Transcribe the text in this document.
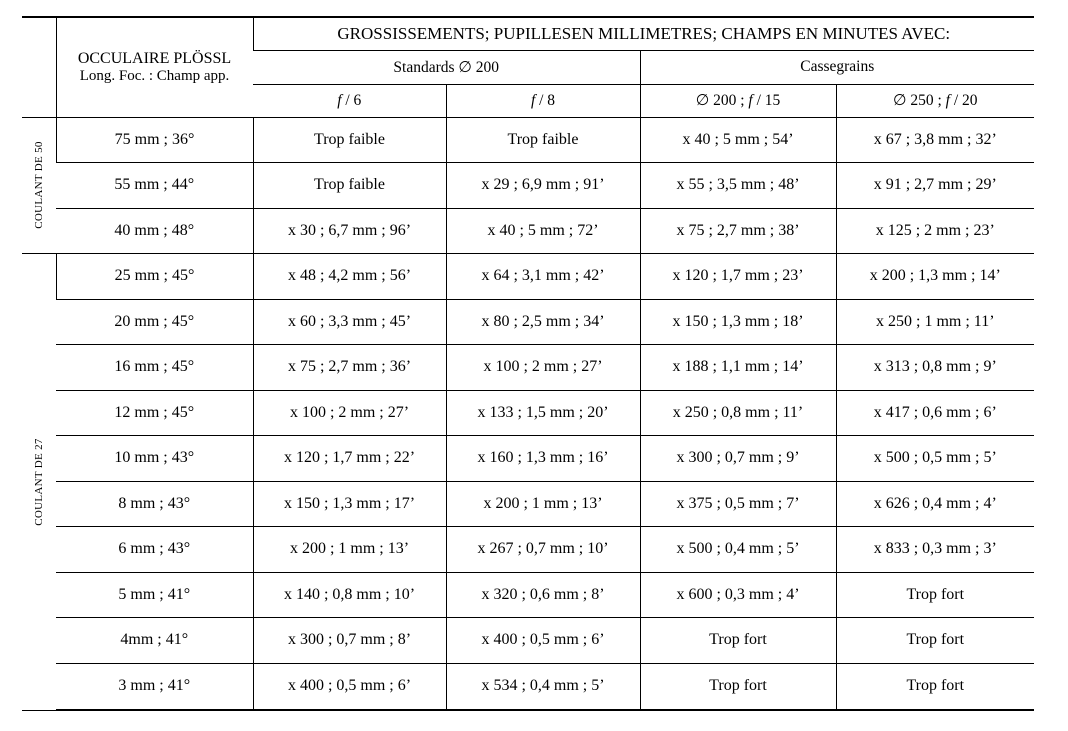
	OCCULAIRE PLÖSSL
Long. Foc. : Champ app.	GROSSISSEMENTS; PUPILLESEN MILLIMETRES; CHAMPS EN MINUTES AVEC:			
		Standards ∅ 200		Cassegrains	
		f / 6	f / 8	∅ 200 ; f / 15	∅ 250 ; f / 20

COULANT DE 50	75 mm ; 36°	Trop faible	Trop faible	x 40 ; 5 mm ; 54’	x 67 ; 3,8 mm ; 32’
	55 mm ; 44°	Trop faible	x 29 ; 6,9 mm ; 91’	x 55 ; 3,5 mm ; 48’	x 91 ; 2,7 mm ; 29’
	40 mm ; 48°	x 30 ; 6,7 mm ; 96’	x 40 ; 5 mm ; 72’	x 75 ; 2,7 mm ; 38’	x 125 ; 2 mm ; 23’

COULANT DE 27	25 mm ; 45°	x 48 ; 4,2 mm ; 56’	x 64 ; 3,1 mm ; 42’	x 120 ; 1,7 mm ; 23’	x 200 ; 1,3 mm ; 14’
	20 mm ; 45°	x 60 ; 3,3 mm ; 45’	x 80 ; 2,5 mm ; 34’	x 150 ; 1,3 mm ; 18’	x 250 ; 1 mm ; 11’
	16 mm ; 45°	x 75 ; 2,7 mm ; 36’	x 100 ; 2 mm ; 27’	x 188 ; 1,1 mm ; 14’	x 313 ; 0,8 mm ; 9’
	12 mm ; 45°	x 100 ; 2 mm ; 27’	x 133 ; 1,5 mm ; 20’	x 250 ; 0,8 mm ; 11’	x 417 ; 0,6 mm ; 6’
	10 mm ; 43°	x 120 ; 1,7 mm ; 22’	x 160 ; 1,3 mm ; 16’	x 300 ; 0,7 mm ; 9’	x 500 ; 0,5 mm ; 5’
	8 mm ; 43°	x 150 ; 1,3 mm ; 17’	x 200 ; 1 mm ; 13’	x 375 ; 0,5 mm ; 7’	x 626 ; 0,4 mm ; 4’
	6 mm ; 43°	x 200 ; 1 mm ; 13’	x 267 ; 0,7 mm ; 10’	x 500 ; 0,4 mm ; 5’	x 833 ; 0,3 mm ; 3’
	5 mm ; 41°	x 140 ; 0,8 mm ; 10’	x 320 ; 0,6 mm ; 8’	x 600 ; 0,3 mm ; 4’	Trop fort
	4mm ; 41°	x 300 ; 0,7 mm ; 8’	x 400 ; 0,5 mm ; 6’	Trop fort	Trop fort
	3 mm ; 41°	x 400 ; 0,5 mm ; 6’	x 534 ; 0,4 mm ; 5’	Trop fort	Trop fort
